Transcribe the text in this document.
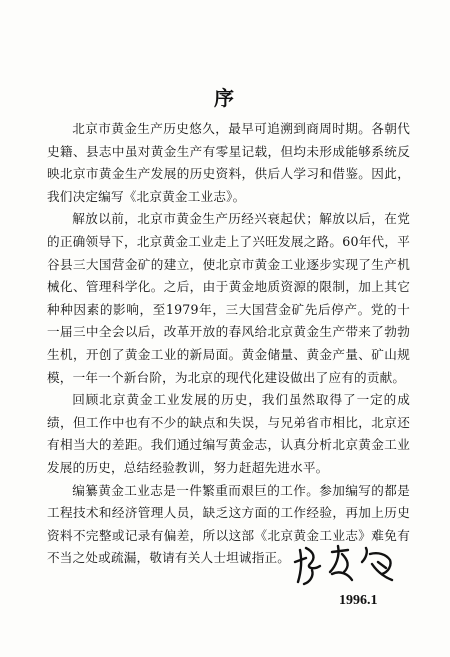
序

北京市黄金生产历史悠久，最早可追溯到商周时期。各朝代史籍、县志中虽对黄金生产有零星记载，但均未形成能够系统反映北京市黄金生产发展的历史资料，供后人学习和借鉴。因此，我们决定编写《北京黄金工业志》。

解放以前，北京市黄金生产历经兴衰起伏；解放以后，在党的正确领导下，北京黄金工业走上了兴旺发展之路。60年代，平谷县三大国营金矿的建立，使北京市黄金工业逐步实现了生产机械化、管理科学化。之后，由于黄金地质资源的限制，加上其它种种因素的影响，至1979年，三大国营金矿先后停产。党的十一届三中全会以后，改革开放的春风给北京黄金生产带来了勃勃生机，开创了黄金工业的新局面。黄金储量、黄金产量、矿山规模，一年一个新台阶，为北京的现代化建设做出了应有的贡献。

回顾北京黄金工业发展的历史，我们虽然取得了一定的成绩，但工作中也有不少的缺点和失误，与兄弟省市相比，北京还有相当大的差距。我们通过编写黄金志，认真分析北京黄金工业发展的历史，总结经验教训，努力赶超先进水平。

编纂黄金工业志是一件繁重而艰巨的工作。参加编写的都是工程技术和经济管理人员，缺乏这方面的工作经验，再加上历史资料不完整或记录有偏差，所以这部《北京黄金工业志》难免有不当之处或疏漏，敬请有关人士坦诚指正。

1996.1
